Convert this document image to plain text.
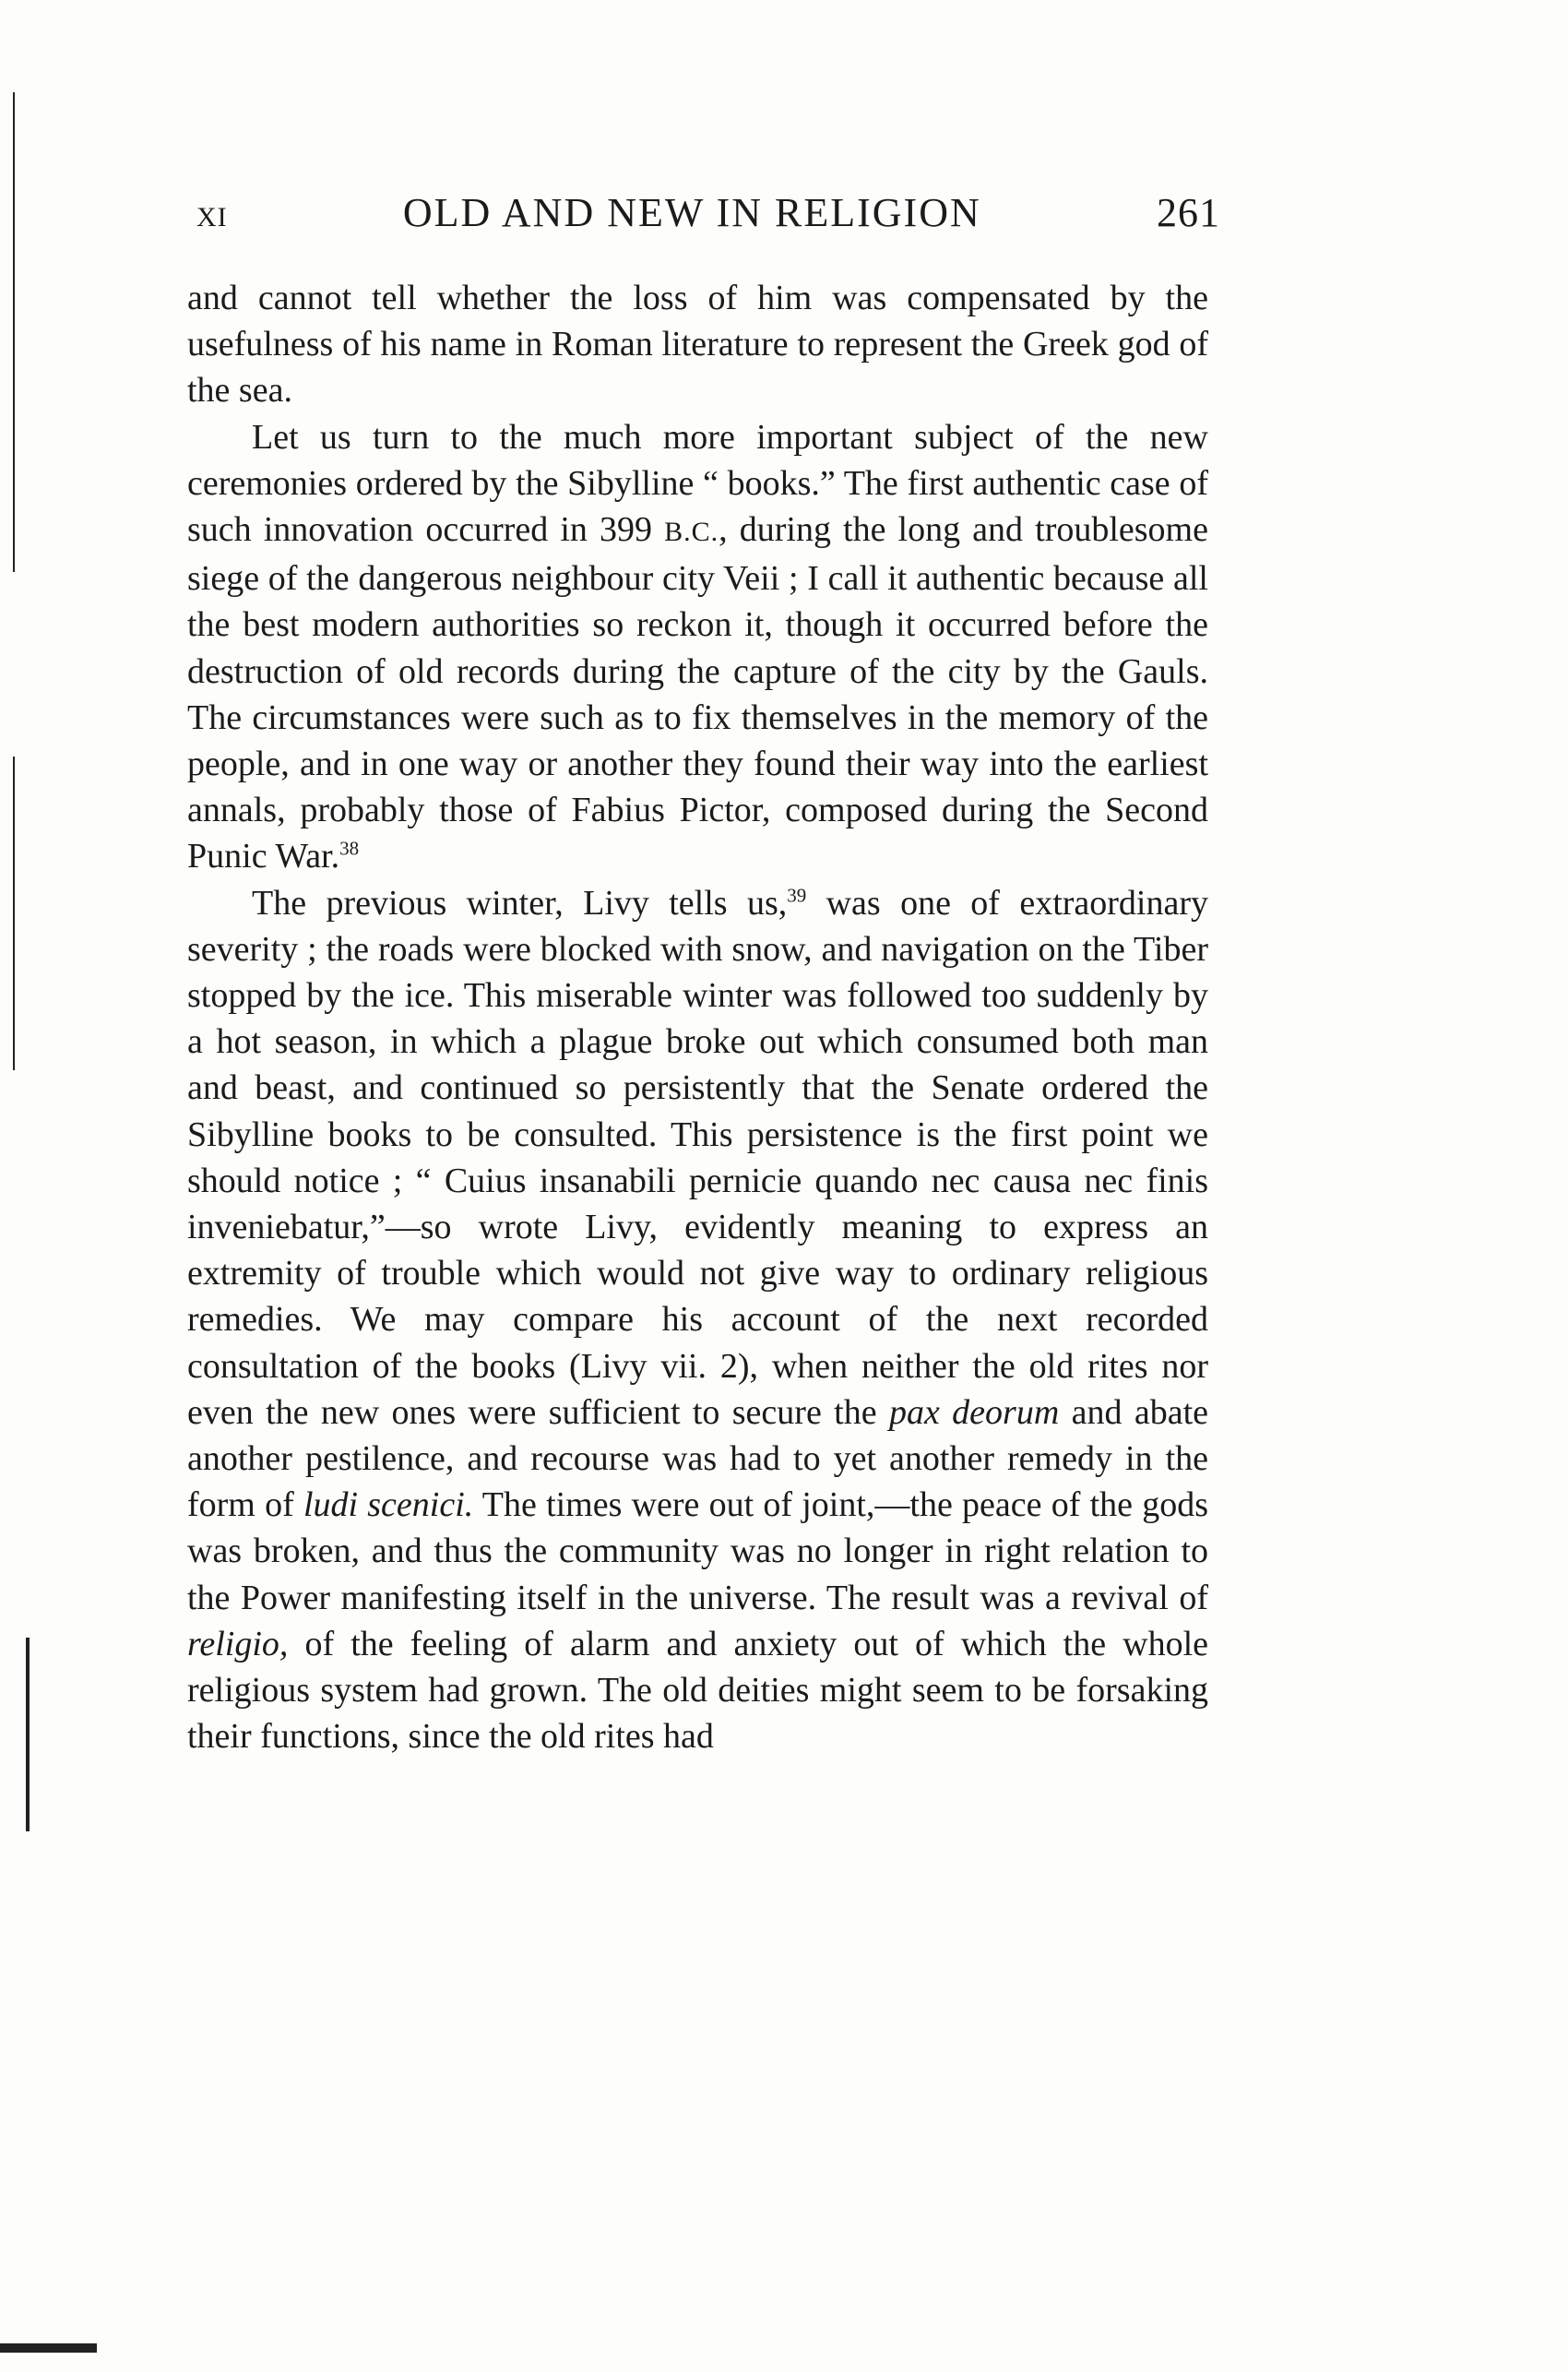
XI	OLD AND NEW IN RELIGION	261

and cannot tell whether the loss of him was compensated by the usefulness of his name in Roman literature to represent the Greek god of the sea.

Let us turn to the much more important subject of the new ceremonies ordered by the Sibylline “ books.” The first authentic case of such innovation occurred in 399 B.C., during the long and troublesome siege of the dangerous neighbour city Veii ; I call it authentic because all the best modern authorities so reckon it, though it occurred before the destruction of old records during the capture of the city by the Gauls. The circumstances were such as to fix themselves in the memory of the people, and in one way or another they found their way into the earliest annals, probably those of Fabius Pictor, composed during the Second Punic War.$^{38}$

The previous winter, Livy tells us,$^{39}$ was one of extraordinary severity ; the roads were blocked with snow, and navigation on the Tiber stopped by the ice. This miserable winter was followed too suddenly by a hot season, in which a plague broke out which consumed both man and beast, and continued so persistently that the Senate ordered the Sibylline books to be consulted. This persistence is the first point we should notice ; “ Cuius insanabili pernicie quando nec causa nec finis inveniebatur,”—so wrote Livy, evidently meaning to express an extremity of trouble which would not give way to ordinary religious remedies. We may compare his account of the next recorded consultation of the books (Livy vii. 2), when neither the old rites nor even the new ones were sufficient to secure the pax deorum and abate another pestilence, and recourse was had to yet another remedy in the form of ludi scenici. The times were out of joint,—the peace of the gods was broken, and thus the community was no longer in right relation to the Power manifesting itself in the universe. The result was a revival of religio, of the feeling of alarm and anxiety out of which the whole religious system had grown. The old deities might seem to be forsaking their functions, since the old rites had
